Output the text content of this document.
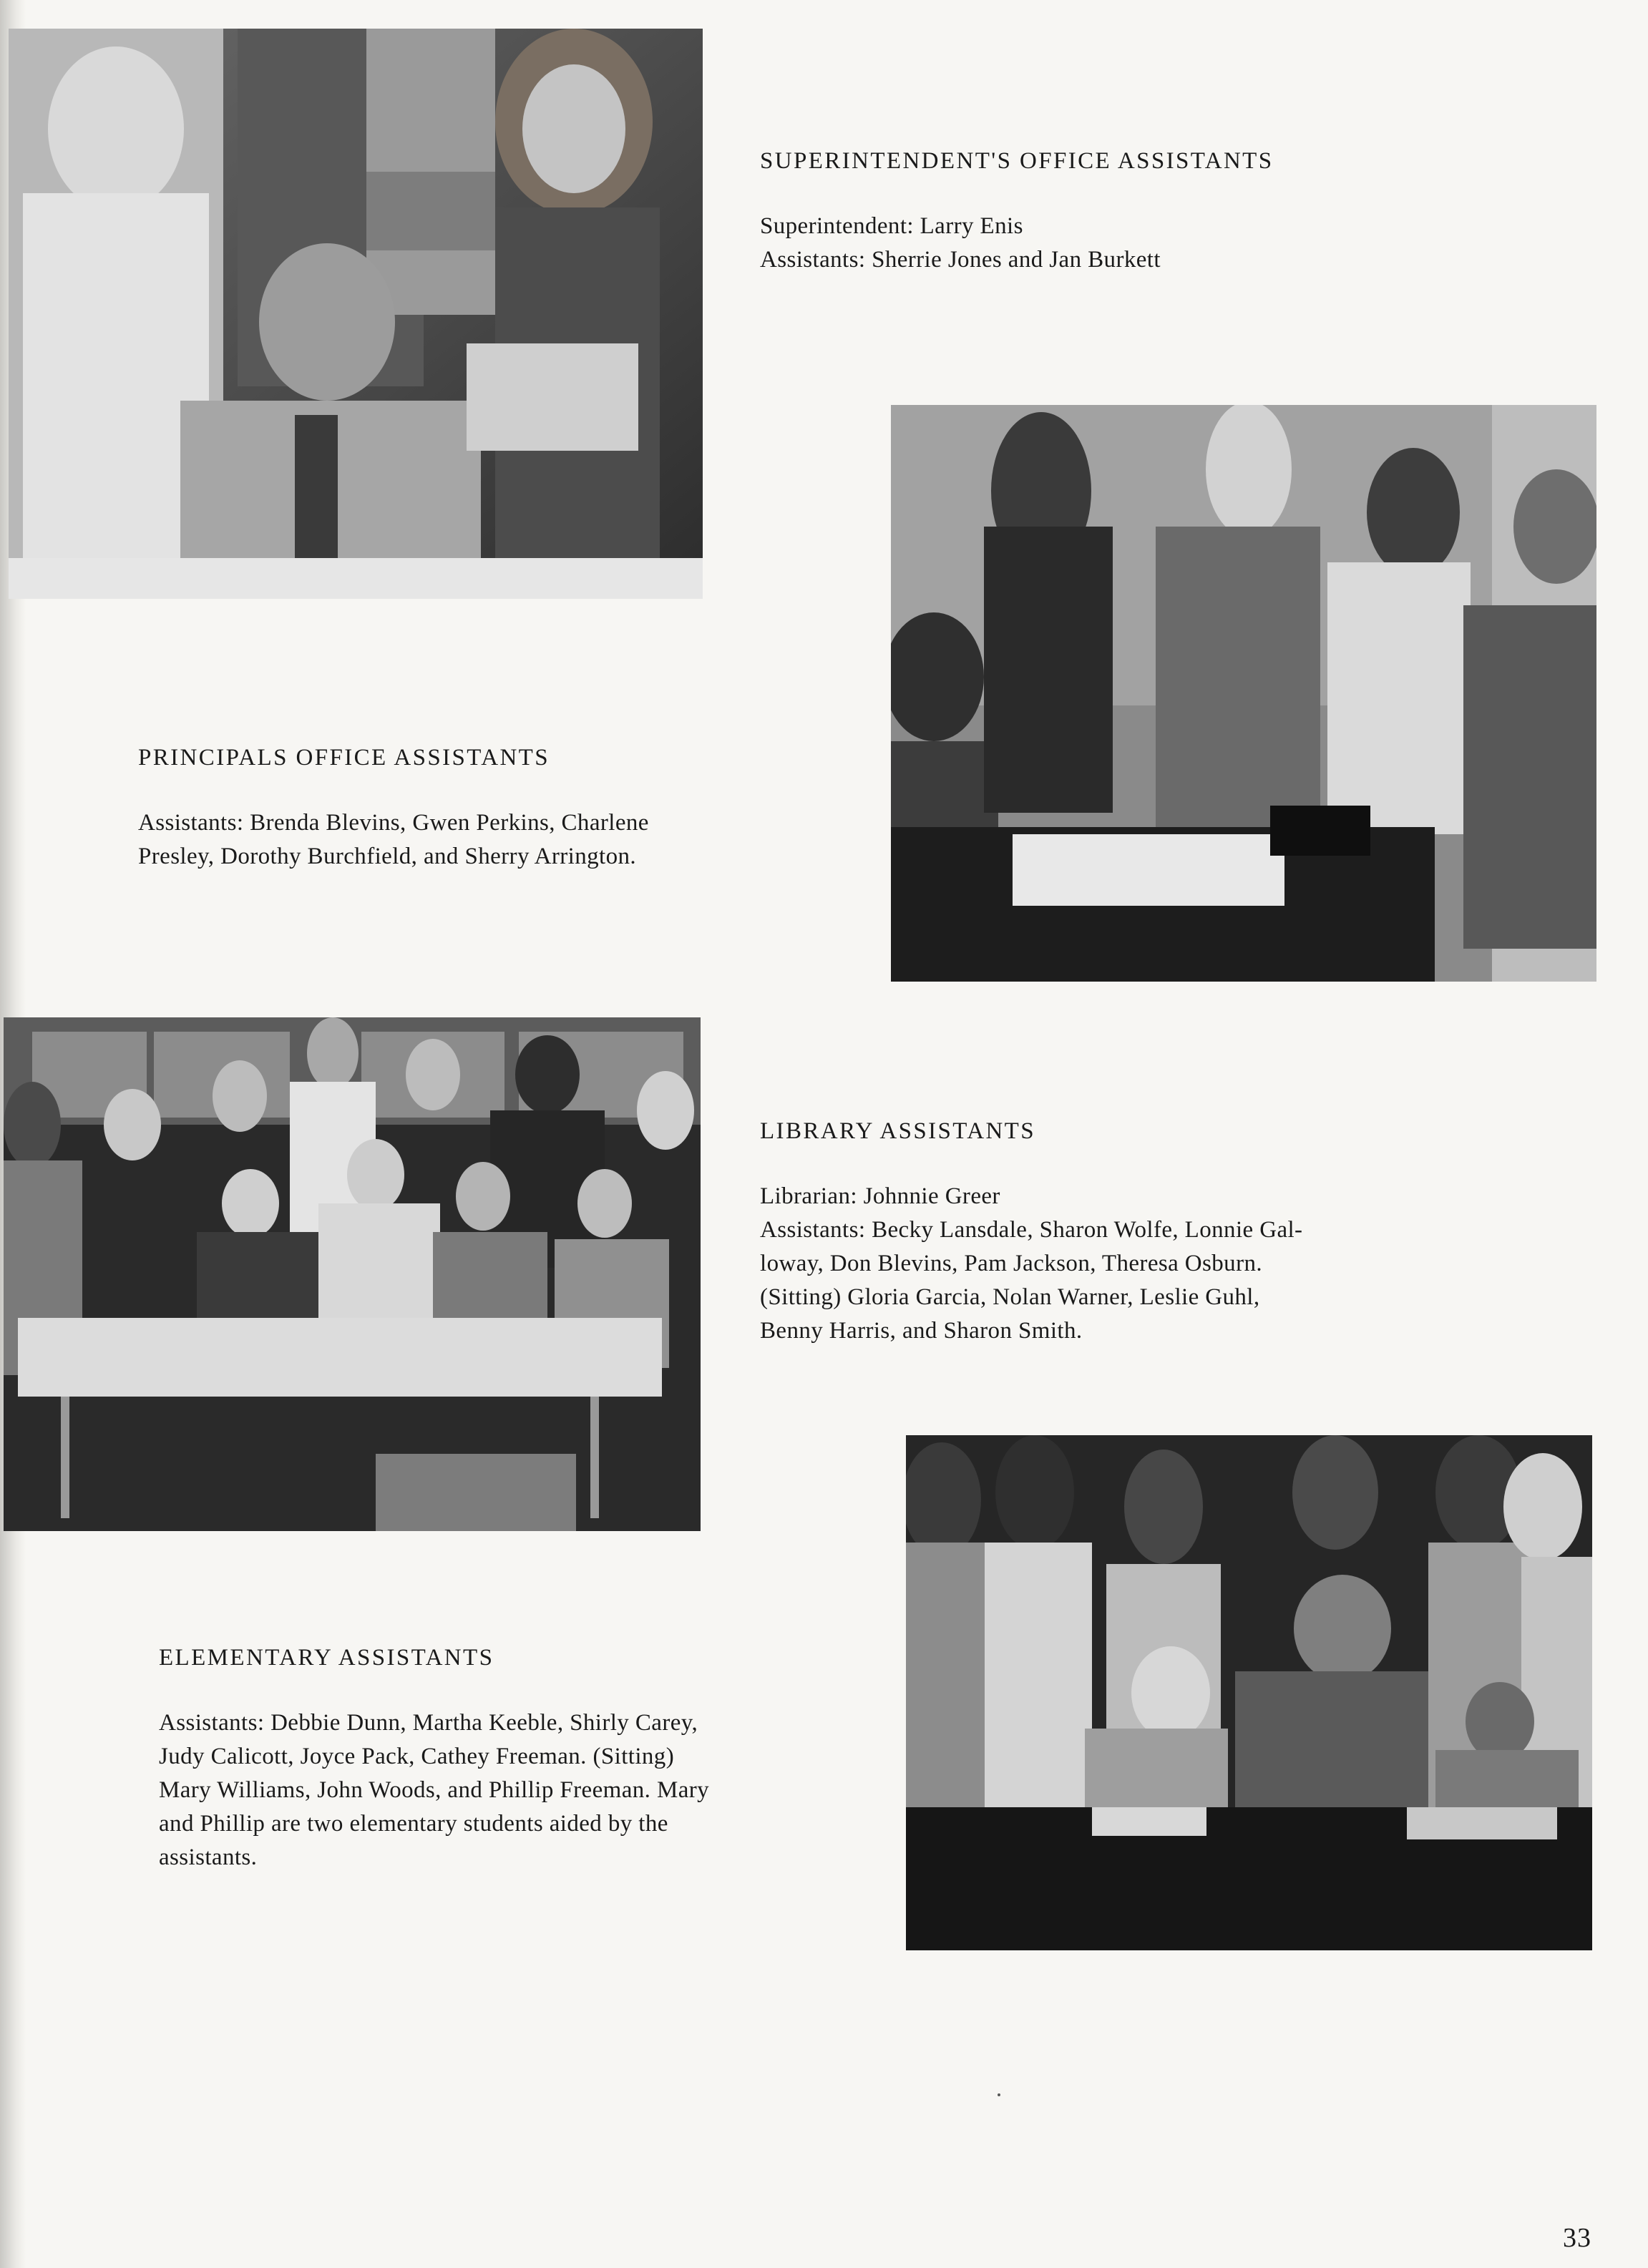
SUPERINTENDENT'S OFFICE ASSISTANTS
Superintendent: Larry Enis
Assistants: Sherrie Jones and Jan Burkett
PRINCIPALS OFFICE ASSISTANTS
Assistants: Brenda Blevins, Gwen Perkins, Charlene
Presley, Dorothy Burchfield, and Sherry Arrington.
LIBRARY ASSISTANTS
Librarian: Johnnie Greer
Assistants: Becky Lansdale, Sharon Wolfe, Lonnie Gal-
loway, Don Blevins, Pam Jackson, Theresa Osburn.
(Sitting) Gloria Garcia, Nolan Warner, Leslie Guhl,
Benny Harris, and Sharon Smith.
ELEMENTARY ASSISTANTS
Assistants: Debbie Dunn, Martha Keeble, Shirly Carey,
Judy Calicott, Joyce Pack, Cathey Freeman. (Sitting)
Mary Williams, John Woods, and Phillip Freeman. Mary
and Phillip are two elementary students aided by the
assistants.
33
